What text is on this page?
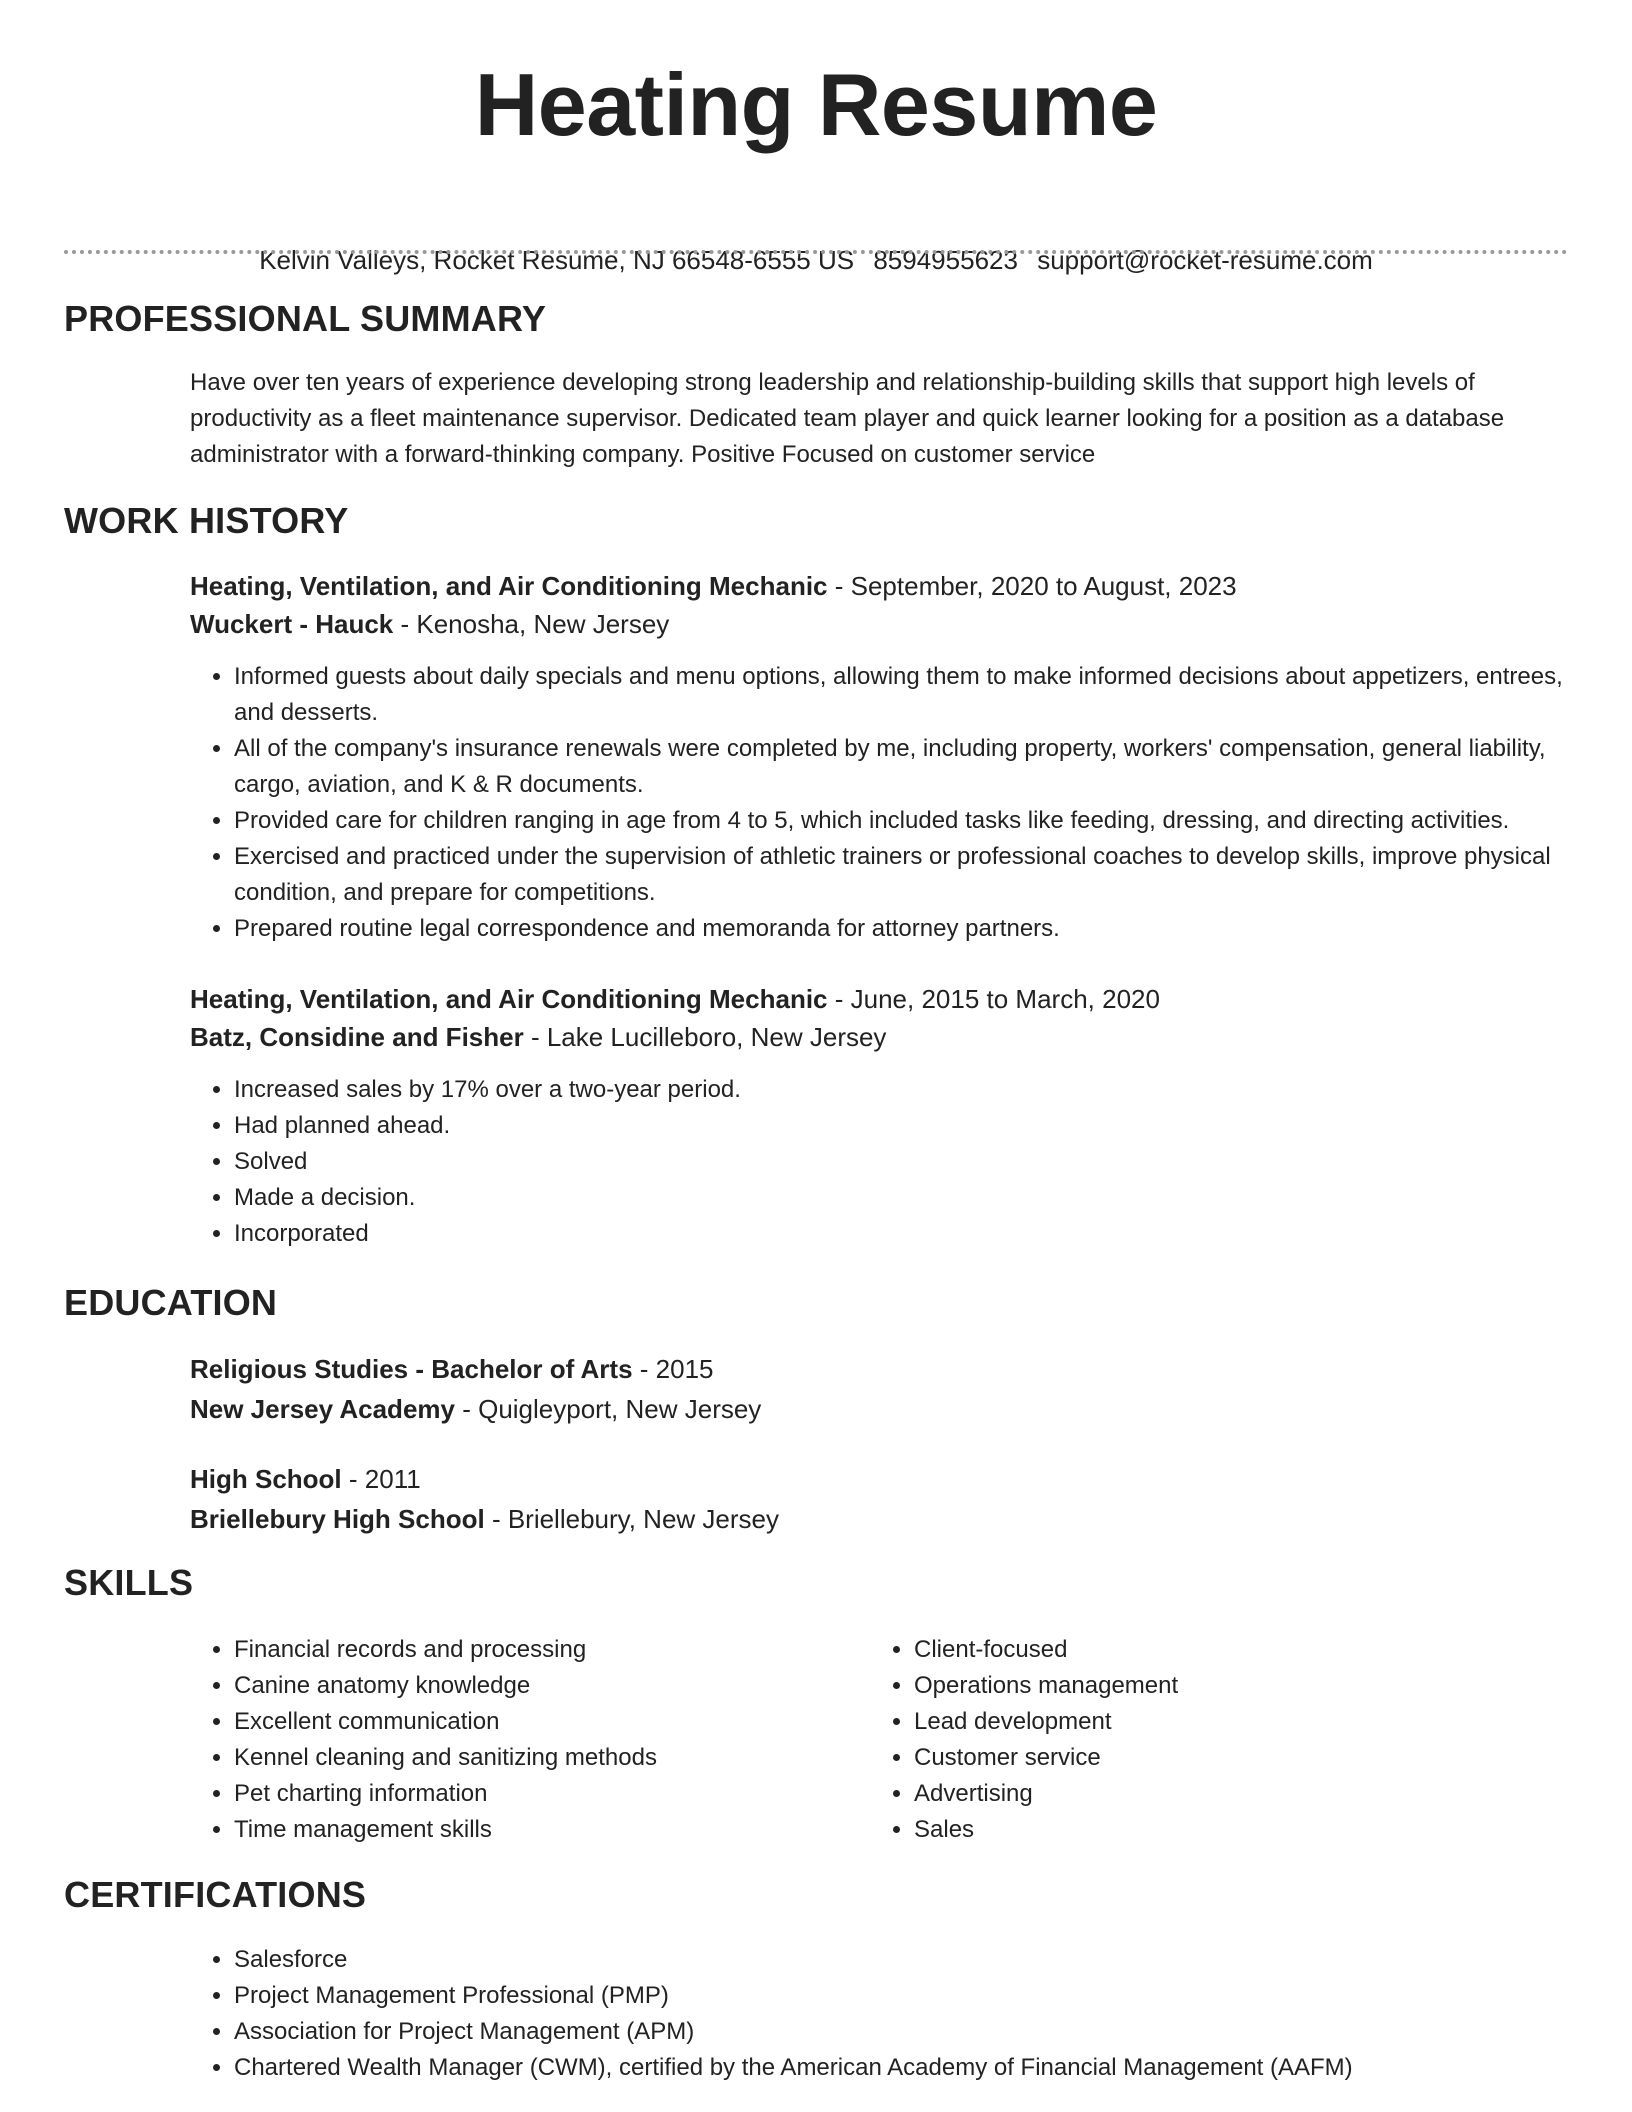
Heating Resume
Kelvin Valleys, Rocket Resume, NJ 66548-6555 US 8594955623 support@rocket-resume.com
PROFESSIONAL SUMMARY
Have over ten years of experience developing strong leadership and relationship-building skills that support high levels of productivity as a fleet maintenance supervisor. Dedicated team player and quick learner looking for a position as a database administrator with a forward-thinking company. Positive Focused on customer service
WORK HISTORY
Heating, Ventilation, and Air Conditioning Mechanic - September, 2020 to August, 2023
Wuckert - Hauck - Kenosha, New Jersey
• Informed guests about daily specials and menu options, allowing them to make informed decisions about appetizers, entrees, and desserts.
• All of the company's insurance renewals were completed by me, including property, workers' compensation, general liability, cargo, aviation, and K & R documents.
• Provided care for children ranging in age from 4 to 5, which included tasks like feeding, dressing, and directing activities.
• Exercised and practiced under the supervision of athletic trainers or professional coaches to develop skills, improve physical condition, and prepare for competitions.
• Prepared routine legal correspondence and memoranda for attorney partners.
Heating, Ventilation, and Air Conditioning Mechanic - June, 2015 to March, 2020
Batz, Considine and Fisher - Lake Lucilleboro, New Jersey
• Increased sales by 17% over a two-year period.
• Had planned ahead.
• Solved
• Made a decision.
• Incorporated
EDUCATION
Religious Studies - Bachelor of Arts - 2015
New Jersey Academy - Quigleyport, New Jersey
High School - 2011
Briellebury High School - Briellebury, New Jersey
SKILLS
• Financial records and processing
• Canine anatomy knowledge
• Excellent communication
• Kennel cleaning and sanitizing methods
• Pet charting information
• Time management skills
• Client-focused
• Operations management
• Lead development
• Customer service
• Advertising
• Sales
CERTIFICATIONS
• Salesforce
• Project Management Professional (PMP)
• Association for Project Management (APM)
• Chartered Wealth Manager (CWM), certified by the American Academy of Financial Management (AAFM)
